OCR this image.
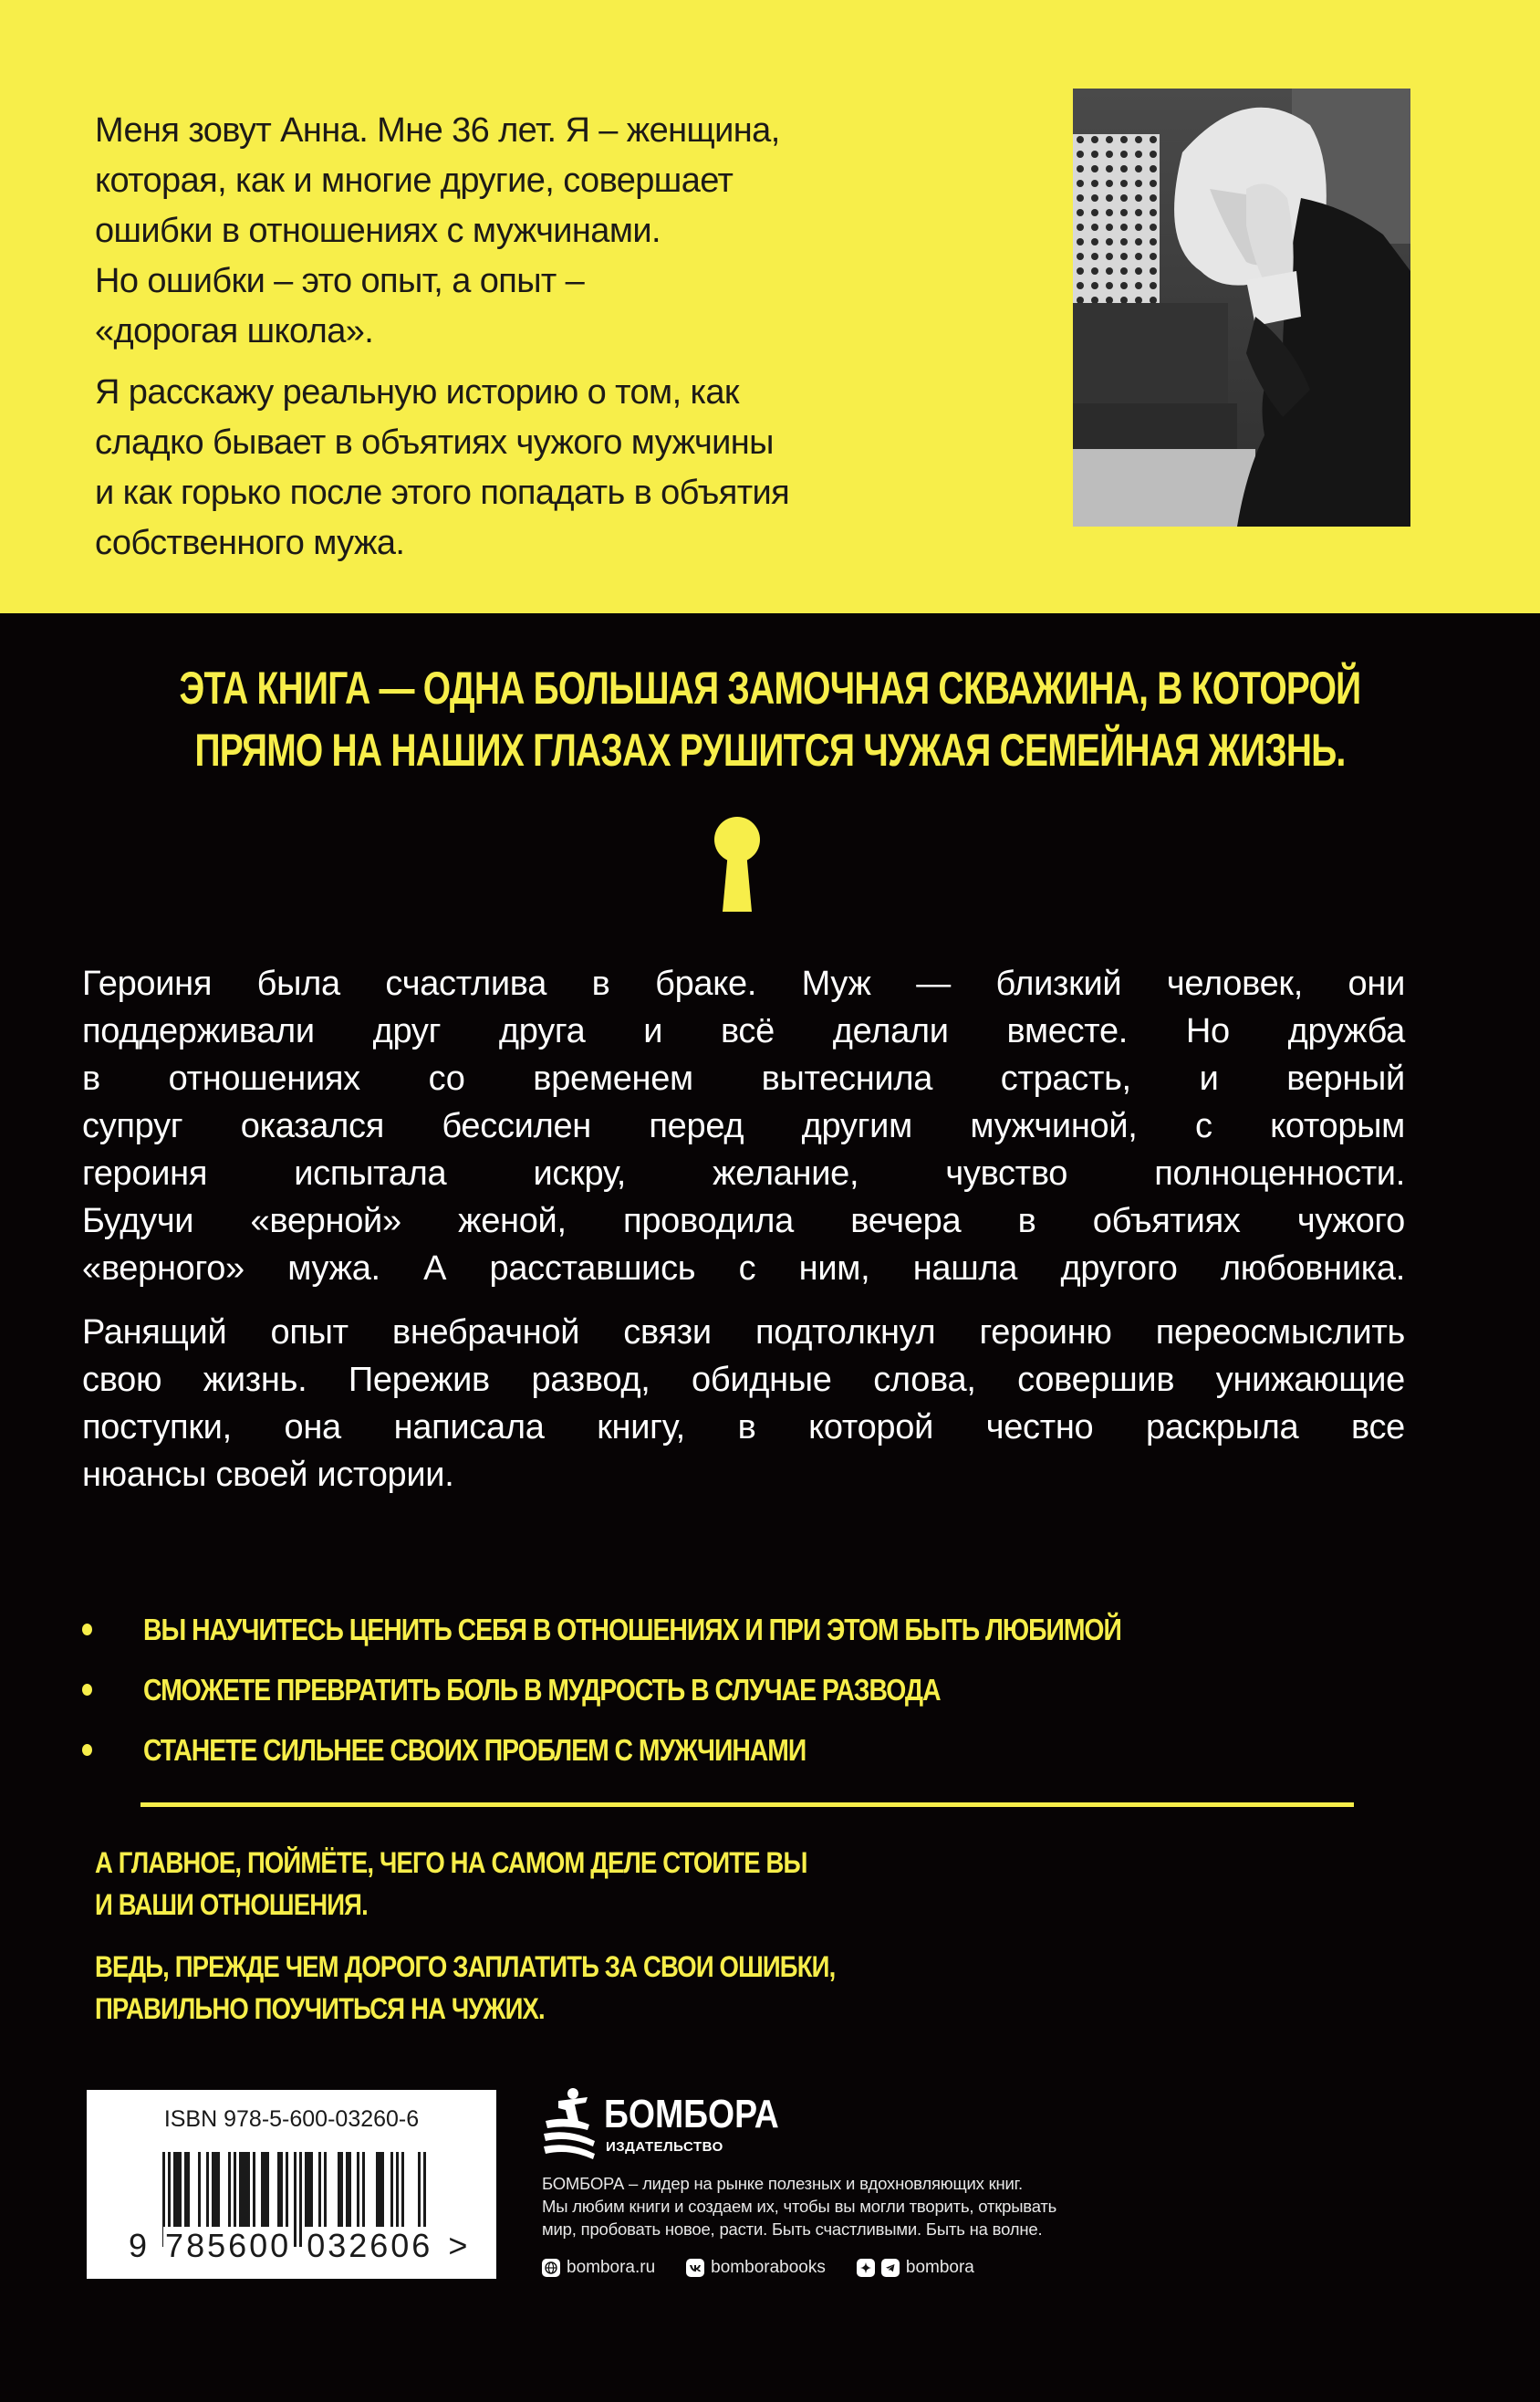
Меня зовут Анна. Мне 36 лет. Я – женщина,
которая, как и многие другие, совершает
ошибки в отношениях с мужчинами.
Но ошибки – это опыт, а опыт –
«дорогая школа».

Я расскажу реальную историю о том, как
сладко бывает в объятиях чужого мужчины
и как горько после этого попадать в объятия
собственного мужа.

ЭТА КНИГА — ОДНА БОЛЬШАЯ ЗАМОЧНАЯ СКВАЖИНА, В КОТОРОЙ
ПРЯМО НА НАШИХ ГЛАЗАХ РУШИТСЯ ЧУЖАЯ СЕМЕЙНАЯ ЖИЗНЬ.

Героиня была счастлива в браке. Муж — близкий человек, они
поддерживали друг друга и всё делали вместе. Но дружба
в отношениях со временем вытеснила страсть, и верный
супруг оказался бессилен перед другим мужчиной, с которым
героиня испытала искру, желание, чувство полноценности.
Будучи «верной» женой, проводила вечера в объятиях чужого
«верного» мужа. А расставшись с ним, нашла другого любовника.

Ранящий опыт внебрачной связи подтолкнул героиню переосмыслить
свою жизнь. Пережив развод, обидные слова, совершив унижающие
поступки, она написала книгу, в которой честно раскрыла все
нюансы своей истории.

ВЫ НАУЧИТЕСЬ ЦЕНИТЬ СЕБЯ В ОТНОШЕНИЯХ И ПРИ ЭТОМ БЫТЬ ЛЮБИМОЙ
СМОЖЕТЕ ПРЕВРАТИТЬ БОЛЬ В МУДРОСТЬ В СЛУЧАЕ РАЗВОДА
СТАНЕТЕ СИЛЬНЕЕ СВОИХ ПРОБЛЕМ С МУЖЧИНАМИ

А ГЛАВНОЕ, ПОЙМЁТЕ, ЧЕГО НА САМОМ ДЕЛЕ СТОИТЕ ВЫ
И ВАШИ ОТНОШЕНИЯ.

ВЕДЬ, ПРЕЖДЕ ЧЕМ ДОРОГО ЗАПЛАТИТЬ ЗА СВОИ ОШИБКИ,
ПРАВИЛЬНО ПОУЧИТЬСЯ НА ЧУЖИХ.

ISBN 978-5-600-03260-6
9 785600 032606 >
БОМБОРА
ИЗДАТЕЛЬСТВО
БОМБОРА – лидер на рынке полезных и вдохновляющих книг.
Мы любим книги и создаем их, чтобы вы могли творить, открывать
мир, пробовать новое, расти. Быть счастливыми. Быть на волне.
bombora.ru	bomborabooks	bombora
